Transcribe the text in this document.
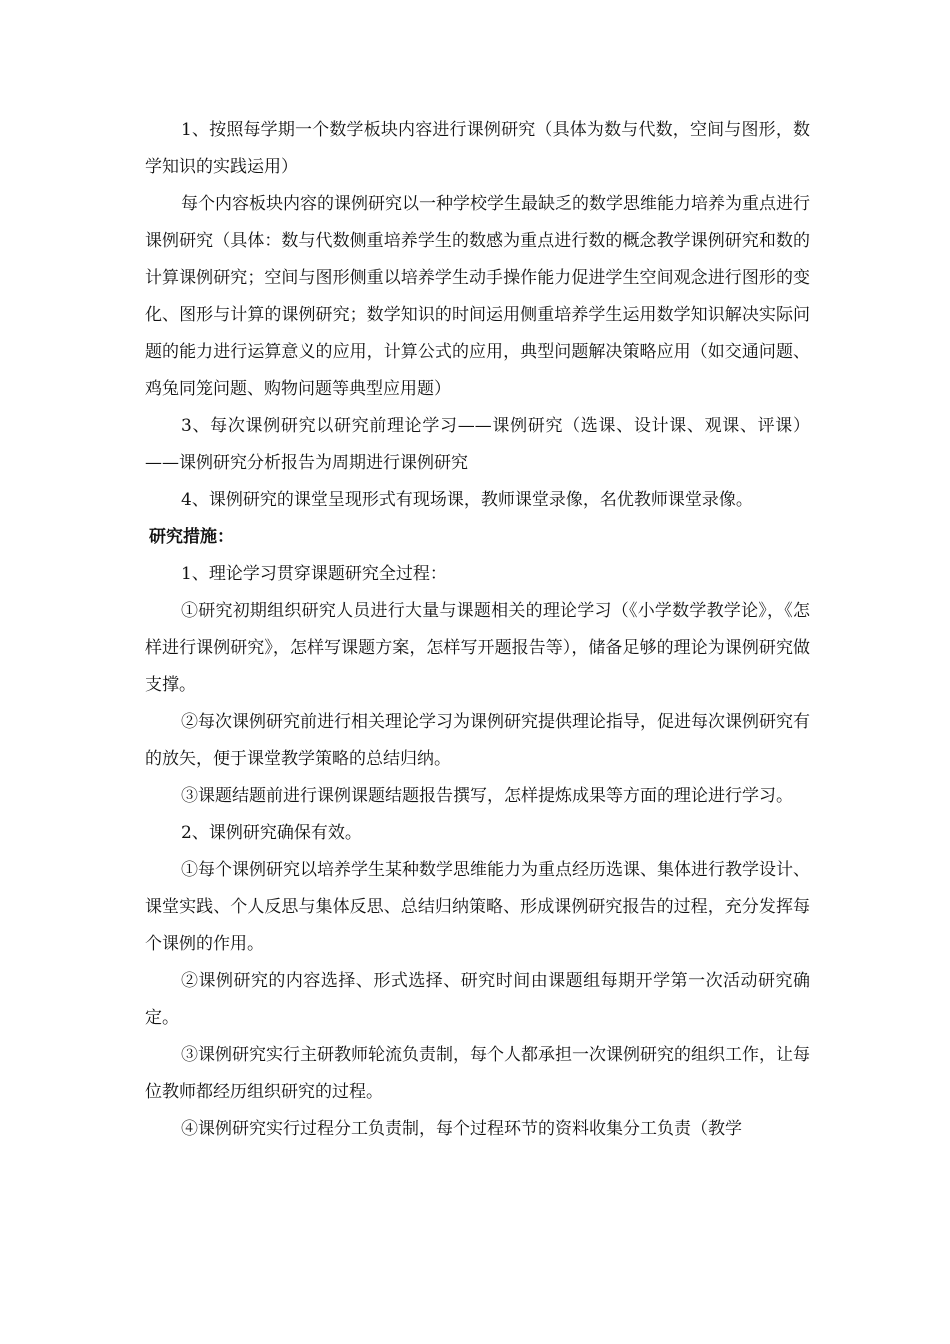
1、按照每学期一个数学板块内容进行课例研究（具体为数与代数，空间与图形，数学知识的实践运用）

每个内容板块内容的课例研究以一种学校学生最缺乏的数学思维能力培养为重点进行课例研究（具体：数与代数侧重培养学生的数感为重点进行数的概念教学课例研究和数的计算课例研究；空间与图形侧重以培养学生动手操作能力促进学生空间观念进行图形的变化、图形与计算的课例研究；数学知识的时间运用侧重培养学生运用数学知识解决实际问题的能力进行运算意义的应用，计算公式的应用，典型问题解决策略应用（如交通问题、鸡兔同笼问题、购物问题等典型应用题）

3、每次课例研究以研究前理论学习——课例研究（选课、设计课、观课、评课）——课例研究分析报告为周期进行课例研究

4、课例研究的课堂呈现形式有现场课，教师课堂录像，名优教师课堂录像。

研究措施：

1、理论学习贯穿课题研究全过程：

①研究初期组织研究人员进行大量与课题相关的理论学习（《小学数学教学论》，《怎样进行课例研究》，怎样写课题方案，怎样写开题报告等），储备足够的理论为课例研究做支撑。

②每次课例研究前进行相关理论学习为课例研究提供理论指导，促进每次课例研究有的放矢，便于课堂教学策略的总结归纳。

③课题结题前进行课例课题结题报告撰写，怎样提炼成果等方面的理论进行学习。

2、课例研究确保有效。

①每个课例研究以培养学生某种数学思维能力为重点经历选课、集体进行教学设计、课堂实践、个人反思与集体反思、总结归纳策略、形成课例研究报告的过程，充分发挥每个课例的作用。

②课例研究的内容选择、形式选择、研究时间由课题组每期开学第一次活动研究确定。

③课例研究实行主研教师轮流负责制，每个人都承担一次课例研究的组织工作，让每位教师都经历组织研究的过程。

④课例研究实行过程分工负责制，每个过程环节的资料收集分工负责（教学
